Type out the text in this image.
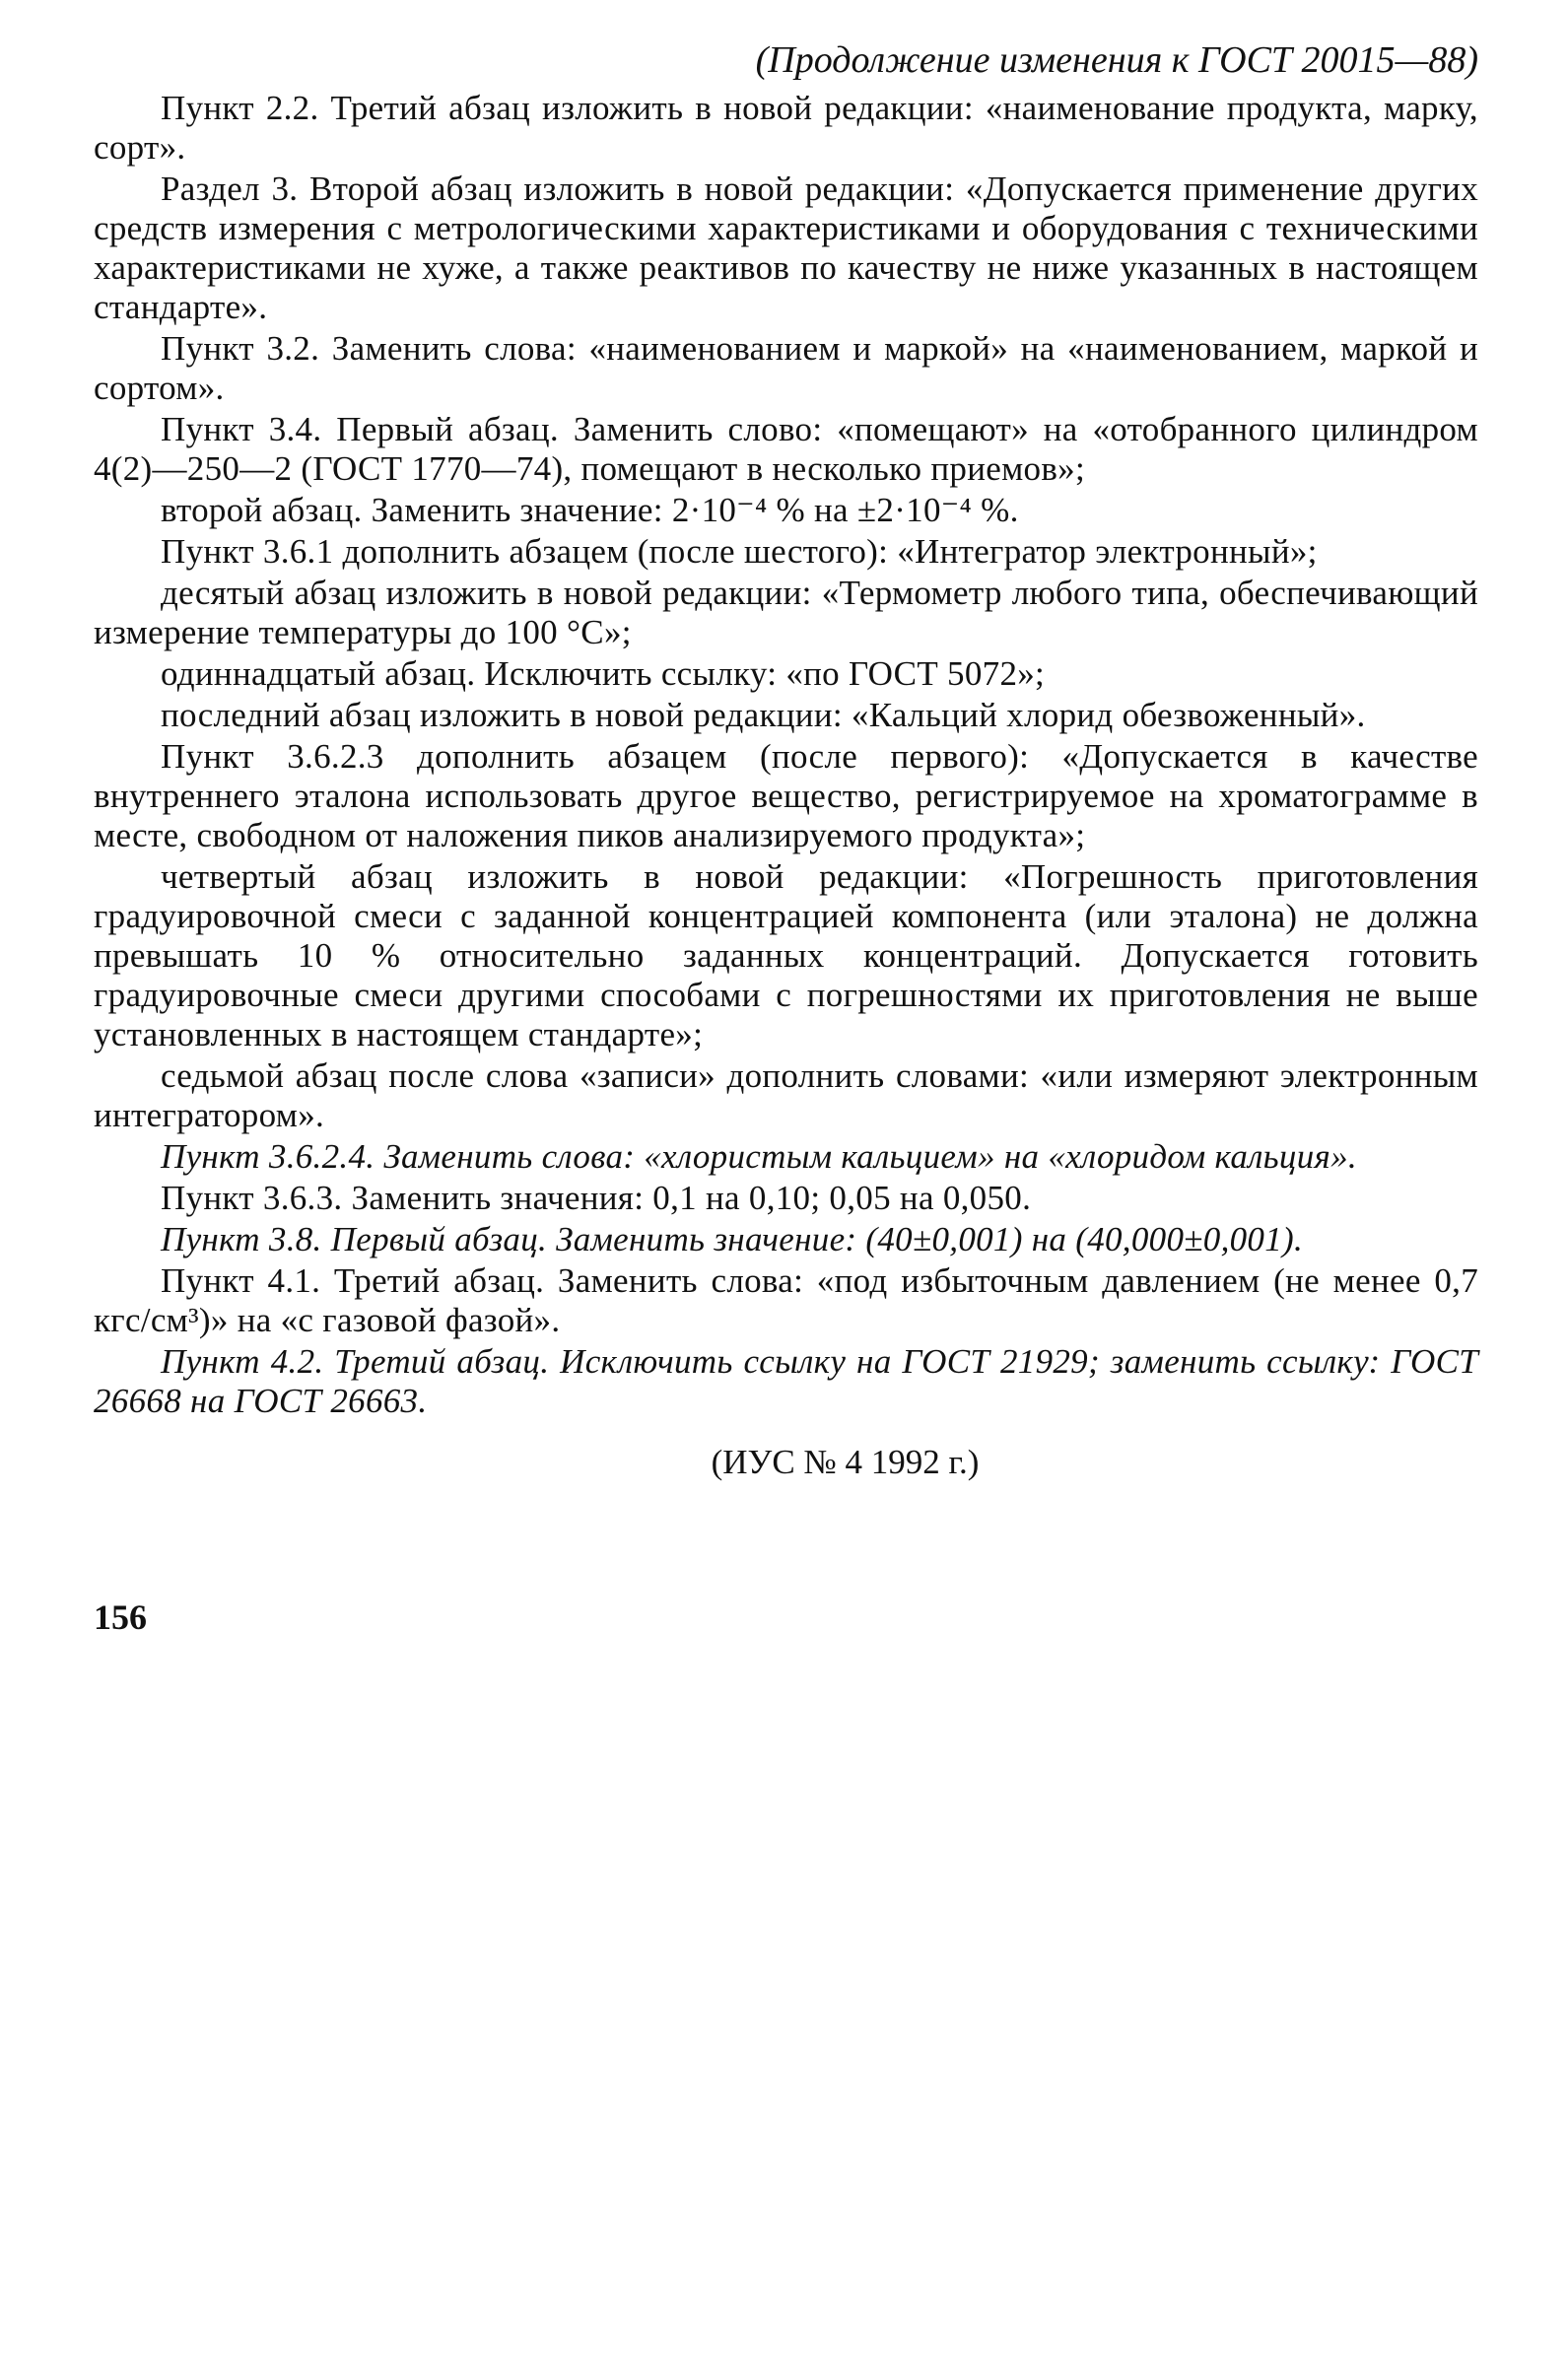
(Продолжение изменения к ГОСТ 20015—88)

Пункт 2.2. Третий абзац изложить в новой редакции: «наименование продукта, марку, сорт».

Раздел 3. Второй абзац изложить в новой редакции: «Допускается применение других средств измерения с метрологическими характеристиками и оборудования с техническими характеристиками не хуже, а также реактивов по качеству не ниже указанных в настоящем стандарте».

Пункт 3.2. Заменить слова: «наименованием и маркой» на «наименованием, маркой и сортом».

Пункт 3.4. Первый абзац. Заменить слово: «помещают» на «отобранного цилиндром 4(2)—250—2 (ГОСТ 1770—74), помещают в несколько приемов»;

второй абзац. Заменить значение: 2·10⁻⁴ % на ±2·10⁻⁴ %.

Пункт 3.6.1 дополнить абзацем (после шестого): «Интегратор электронный»;

десятый абзац изложить в новой редакции: «Термометр любого типа, обеспечивающий измерение температуры до 100 °С»;

одиннадцатый абзац. Исключить ссылку: «по ГОСТ 5072»;

последний абзац изложить в новой редакции: «Кальций хлорид обезвоженный».

Пункт 3.6.2.3 дополнить абзацем (после первого): «Допускается в качестве внутреннего эталона использовать другое вещество, регистрируемое на хроматограмме в месте, свободном от наложения пиков анализируемого продукта»;

четвертый абзац изложить в новой редакции: «Погрешность приготовления градуировочной смеси с заданной концентрацией компонента (или эталона) не должна превышать 10 % относительно заданных концентраций. Допускается готовить градуировочные смеси другими способами с погрешностями их приготовления не выше установленных в настоящем стандарте»;

седьмой абзац после слова «записи» дополнить словами: «или измеряют электронным интегратором».

Пункт 3.6.2.4. Заменить слова: «хлористым кальцием» на «хлоридом кальция».

Пункт 3.6.3. Заменить значения: 0,1 на 0,10; 0,05 на 0,050.

Пункт 3.8. Первый абзац. Заменить значение: (40±0,001) на (40,000±0,001).

Пункт 4.1. Третий абзац. Заменить слова: «под избыточным давлением (не менее 0,7 кгс/см³)» на «с газовой фазой».

Пункт 4.2. Третий абзац. Исключить ссылку на ГОСТ 21929; заменить ссылку: ГОСТ 26668 на ГОСТ 26663.

(ИУС № 4 1992 г.)
156
